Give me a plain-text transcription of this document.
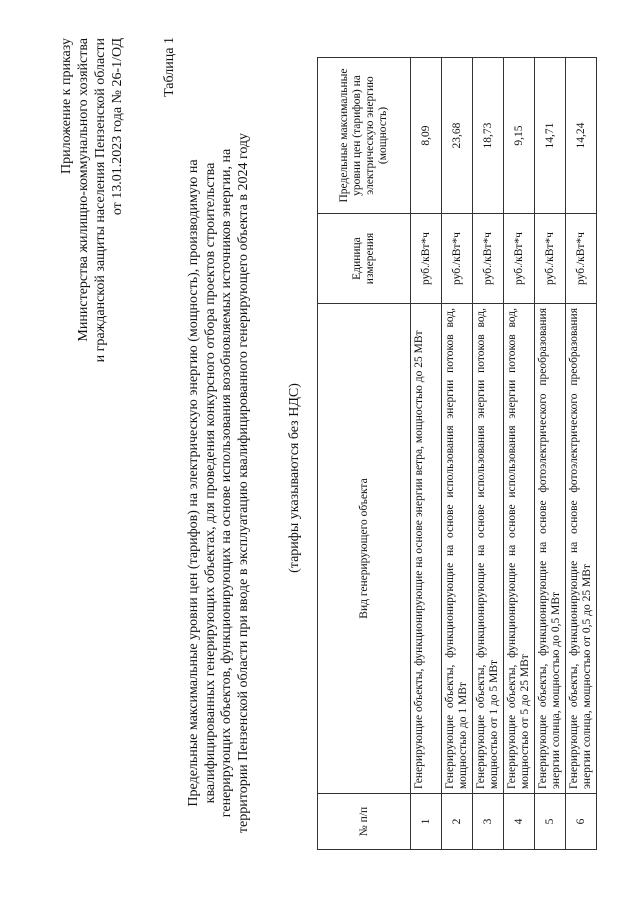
Приложение к приказу Министерства жилищно-коммунального хозяйства и гражданской защиты населения Пензенской области от 13.01.2023 года № 26-1/ОД	Таблица 1
Предельные максимальные уровни цен (тарифов) на электрическую энергию (мощность), производимую на квалифицированных генерирующих объектах, для проведения конкурсного отбора проектов строительства генерирующих объектов, функционирующих на основе использования возобновляемых источников энергии, на территории Пензенской области при вводе в эксплуатацию квалифицированного генерирующего объекта в 2024 году	(тарифы указываются без НДС)
№ п/п	Вид генерирующего объекта	Единица измерения	Предельные максимальные уровни цен (тарифов) на электрическую энергию (мощность)
1	Генерирующие объекты, функционирующие на основе энергии ветра, мощностью до 25 МВт	руб./кВт*ч	8,09
2	Генерирующие объекты, функционирующие на основе использования энергии потоков вод, мощностью до 1 МВт	руб./кВт*ч	23,68
3	Генерирующие объекты, функционирующие на основе использования энергии потоков вод, мощностью от 1 до 5 МВт	руб./кВт*ч	18,73
4	Генерирующие объекты, функционирующие на основе использования энергии потоков вод, мощностью от 5 до 25 МВт	руб./кВт*ч	9,15
5	Генерирующие объекты, функционирующие на основе фотоэлектрического преобразования энергии солнца, мощностью до 0,5 МВт	руб./кВт*ч	14,71
6	Генерирующие объекты, функционирующие на основе фотоэлектрического преобразования энергии солнца, мощностью от 0,5 до 25 МВт	руб./кВт*ч	14,24
